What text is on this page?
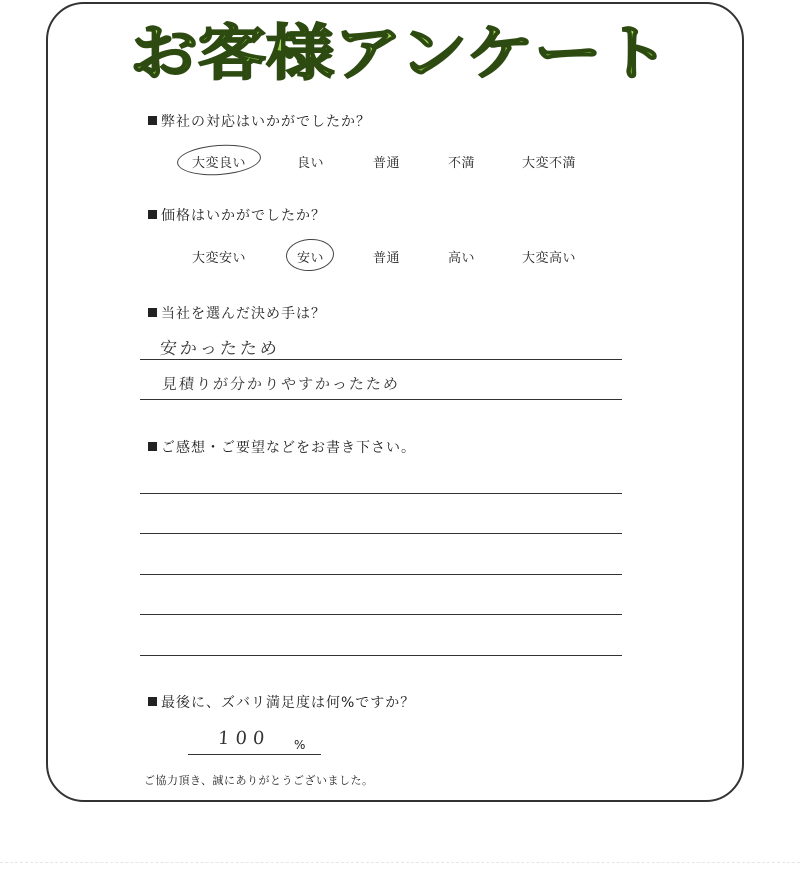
お客様アンケート
弊社の対応はいかがでしたか？
大変良い	良い	普通	不満	大変不満
価格はいかがでしたか？
大変安い	安い	普通	高い	大変高い
当社を選んだ決め手は？
安かったため
見積りが分かりやすかったため
ご感想・ご要望などをお書き下さい。
最後に、ズバリ満足度は何%ですか？
100 %
ご協力頂き、誠にありがとうございました。
